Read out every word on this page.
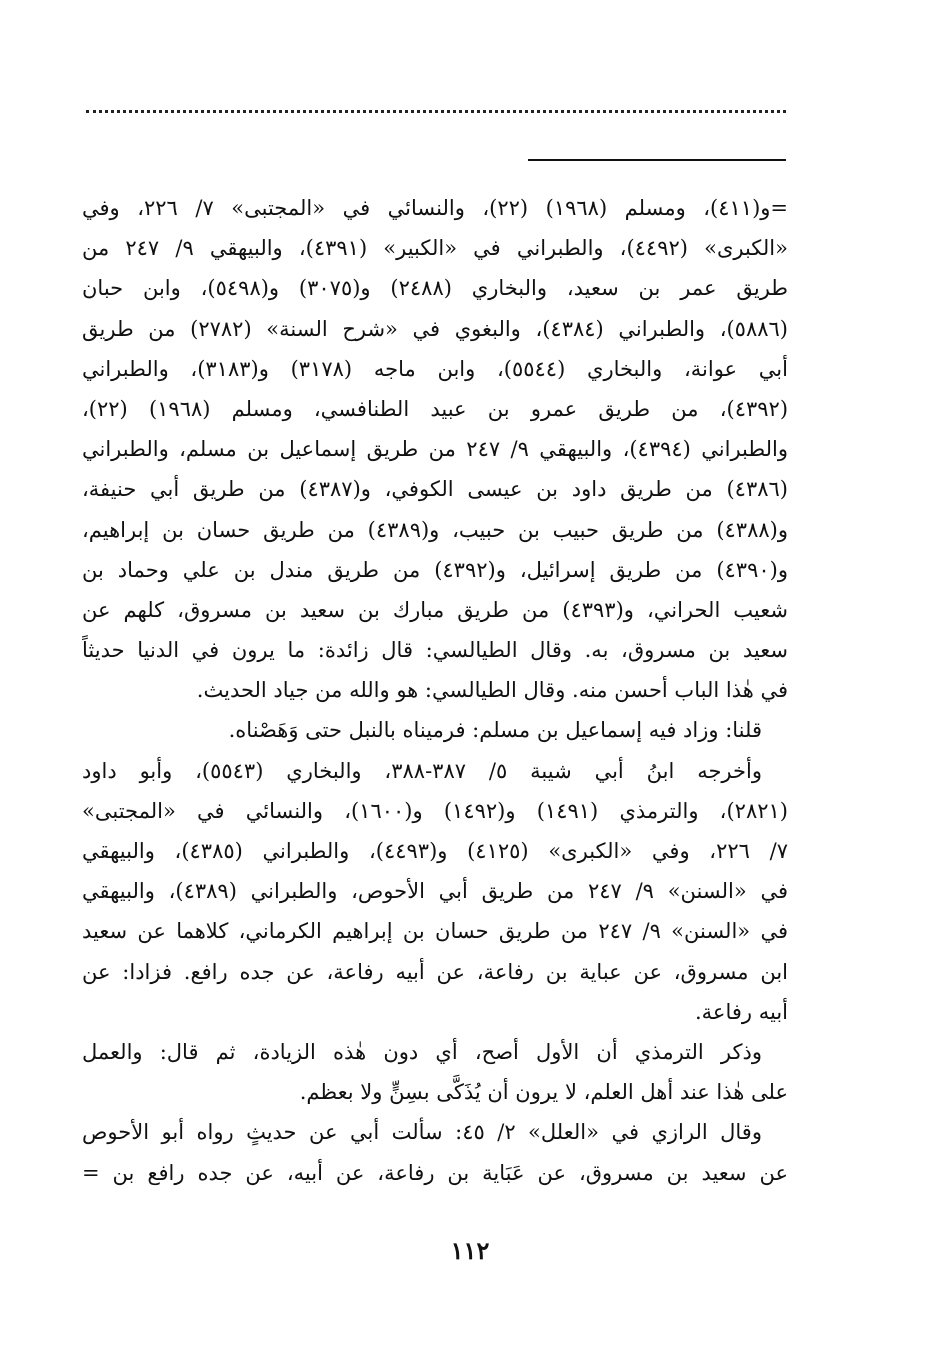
=و(٤١١)، ومسلم (١٩٦٨) (٢٢)، والنسائي في «المجتبى» ٧/ ٢٢٦، وفي
«الكبرى» (٤٤٩٢)، والطبراني في «الكبير» (٤٣٩١)، والبيهقي ٩/ ٢٤٧ من
طريق عمر بن سعيد، والبخاري (٢٤٨٨) و(٣٠٧٥) و(٥٤٩٨)، وابن حبان
(٥٨٨٦)، والطبراني (٤٣٨٤)، والبغوي في «شرح السنة» (٢٧٨٢) من طريق
أبي عوانة، والبخاري (٥٥٤٤)، وابن ماجه (٣١٧٨) و(٣١٨٣)، والطبراني
(٤٣٩٢)، من طريق عمرو بن عبيد الطنافسي، ومسلم (١٩٦٨) (٢٢)،
والطبراني (٤٣٩٤)، والبيهقي ٩/ ٢٤٧ من طريق إسماعيل بن مسلم، والطبراني
(٤٣٨٦) من طريق داود بن عيسى الكوفي، و(٤٣٨٧) من طريق أبي حنيفة،
و(٤٣٨٨) من طريق حبيب بن حبيب، و(٤٣٨٩) من طريق حسان بن إبراهيم،
و(٤٣٩٠) من طريق إسرائيل، و(٤٣٩٢) من طريق مندل بن علي وحماد بن
شعيب الحراني، و(٤٣٩٣) من طريق مبارك بن سعيد بن مسروق، كلهم عن
سعيد بن مسروق، به. وقال الطيالسي: قال زائدة: ما يرون في الدنيا حديثاً
في هٰذا الباب أحسن منه. وقال الطيالسي: هو والله من جياد الحديث.
قلنا: وزاد فيه إسماعيل بن مسلم: فرميناه بالنبل حتى وَهَصْناه.
وأخرجه ابنُ أبي شيبة ٥/ ٣٨٧-٣٨٨، والبخاري (٥٥٤٣)، وأبو داود
(٢٨٢١)، والترمذي (١٤٩١) و(١٤٩٢) و(١٦٠٠)، والنسائي في «المجتبى»
٧/ ٢٢٦، وفي «الكبرى» (٤١٢٥) و(٤٤٩٣)، والطبراني (٤٣٨٥)، والبيهقي
في «السنن» ٩/ ٢٤٧ من طريق أبي الأحوص، والطبراني (٤٣٨٩)، والبيهقي
في «السنن» ٩/ ٢٤٧ من طريق حسان بن إبراهيم الكرماني، كلاهما عن سعيد
ابن مسروق، عن عباية بن رفاعة، عن أبيه رفاعة، عن جده رافع. فزادا: عن
أبيه رفاعة.
وذكر الترمذي أن الأول أصح، أي دون هٰذه الزيادة، ثم قال: والعمل
على هٰذا عند أهل العلم، لا يرون أن يُذَكَّى بسِنٍّ ولا بعظم.
وقال الرازي في «العلل» ٢/ ٤٥: سألت أبي عن حديثٍ رواه أبو الأحوص
عن سعيد بن مسروق، عن عَبَاية بن رفاعة، عن أبيه، عن جده رافع بن =
١١٢
